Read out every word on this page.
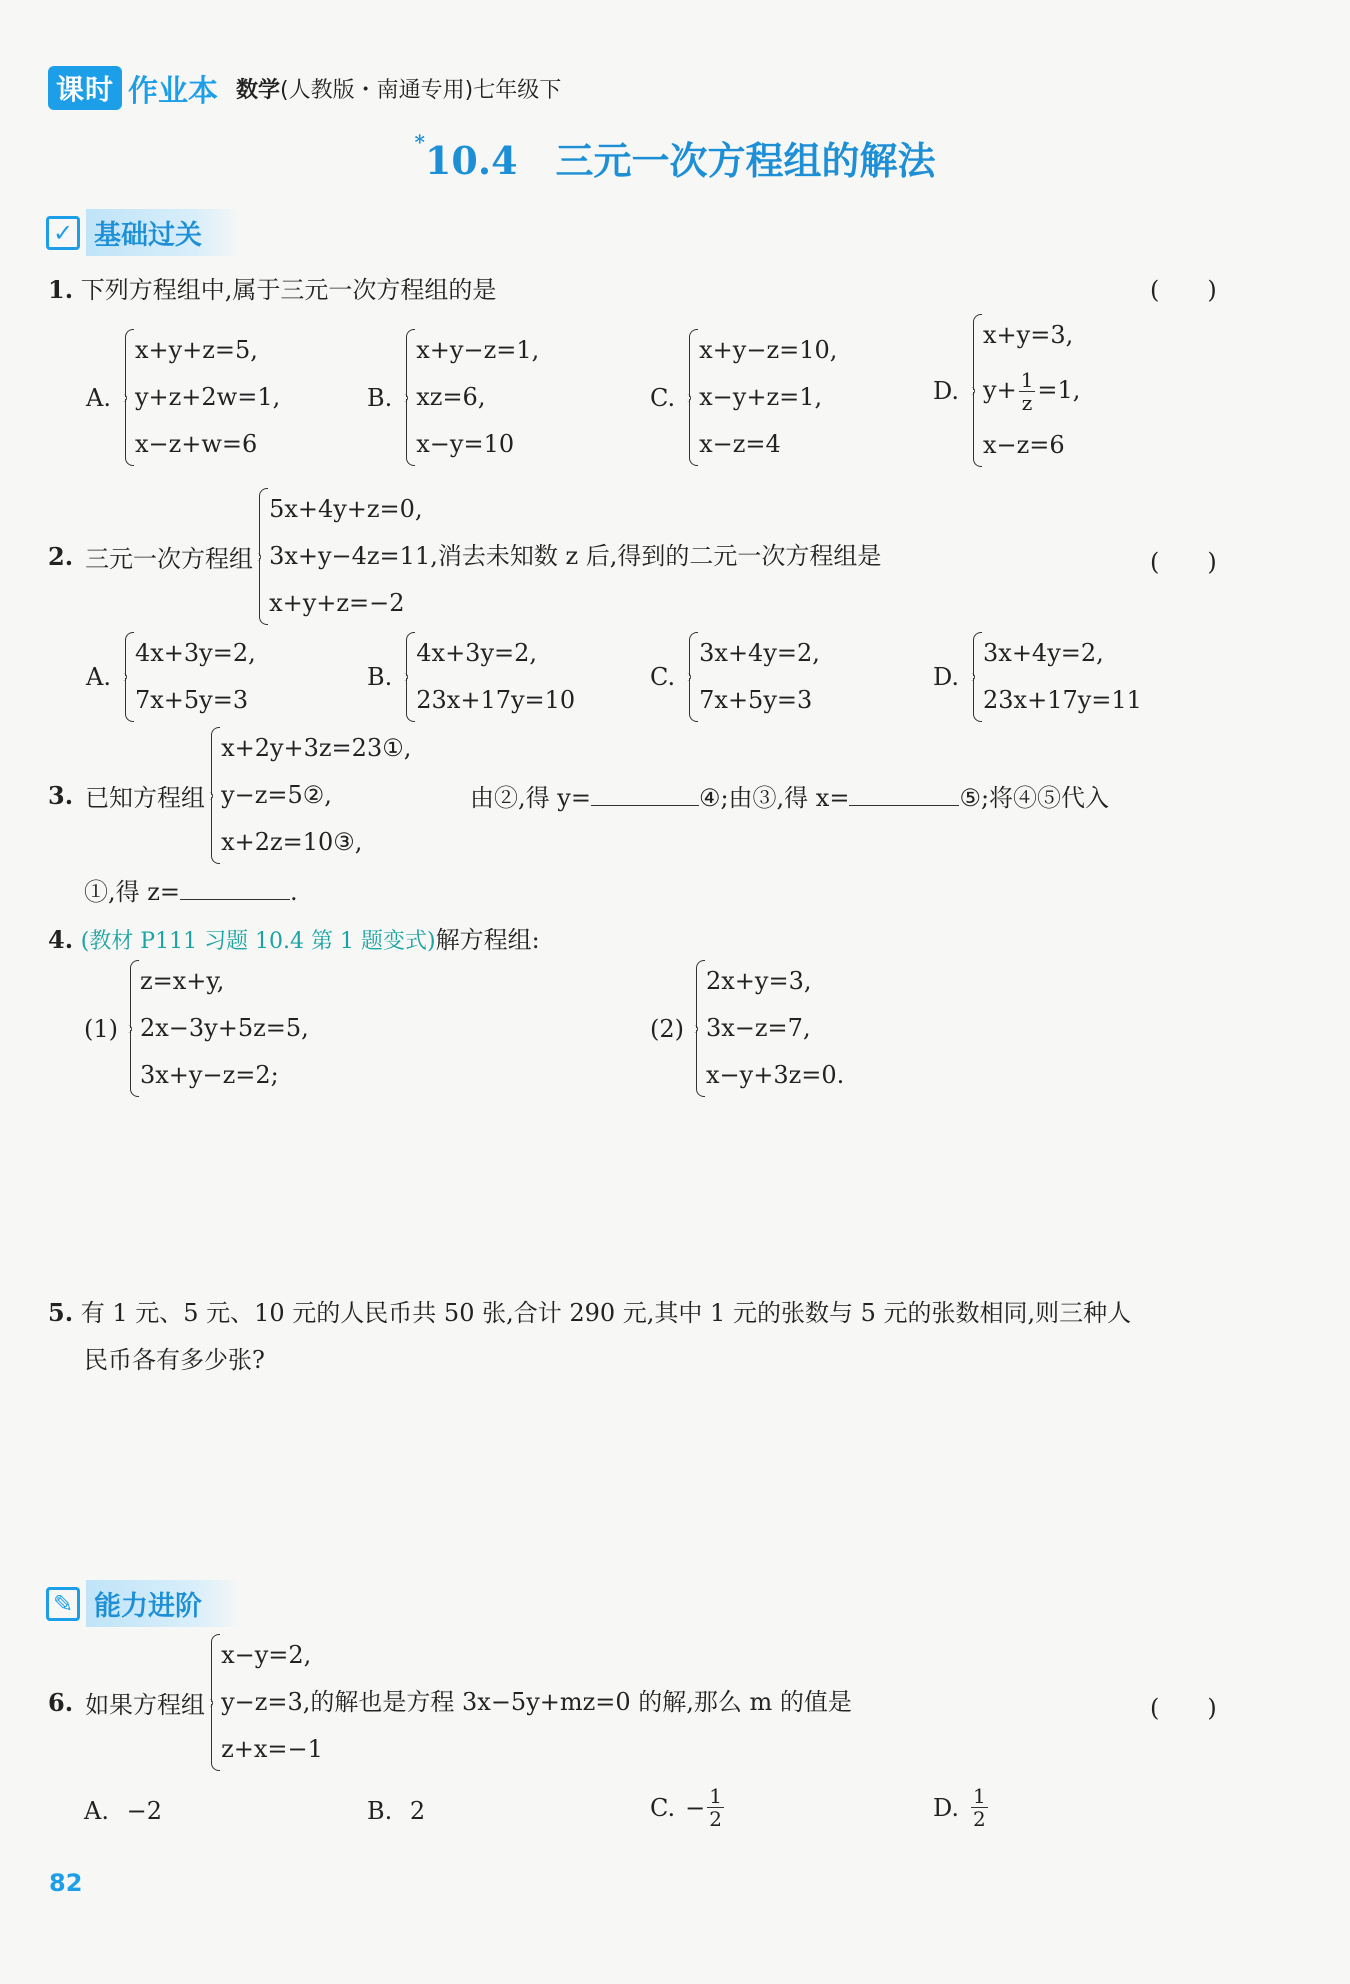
课时 作业本 数学 (人教版・南通专用)七年级下
*10.4　三元一次方程组的解法
✓ 基础过关
1. 下列方程组中,属于三元一次方程组的是	(　　)
A.
x+y+z=5,
y+z+2w=1,
x−z+w=6
B.
x+y−z=1,
xz=6,
x−y=10
C.
x+y−z=10,
x−y+z=1,
x−z=4
D.
x+y=3,
$y+ \frac{1}{z} =1$,
x−z=6
2. 三元一次方程组
5x+4y+z=0,
3x+y−4z=11,消去未知数 z 后,得到的二元一次方程组是
x+y+z=−2
(　　)
A.
4x+3y=2,
7x+5y=3
B.
4x+3y=2,
23x+17y=10
C.
3x+4y=2,
7x+5y=3
D.
3x+4y=2,
23x+17y=11
3. 已知方程组
x+2y+3z=23①,
y−z=5②,
x+2z=10③,
由②,得 y=	④;由③,得 x=	⑤;将④⑤代入
①,得 z=	.
4. (教材 P111 习题 10.4 第 1 题变式)解方程组:
(1)
z=x+y,
2x−3y+5z=5,
3x+y−z=2;
(2)
2x+y=3,
3x−z=7,
x−y+3z=0.
5. 有 1 元、5 元、10 元的人民币共 50 张,合计 290 元,其中 1 元的张数与 5 元的张数相同,则三种人
民币各有多少张?
✎ 能力进阶
6. 如果方程组
x−y=2,
y−z=3,的解也是方程 3x−5y+mz=0 的解,那么 m 的值是
z+x=−1
(　　)
A. −2	B. 2	C. − $\frac{1}{2}$	D. $\frac{1}{2}$
82
